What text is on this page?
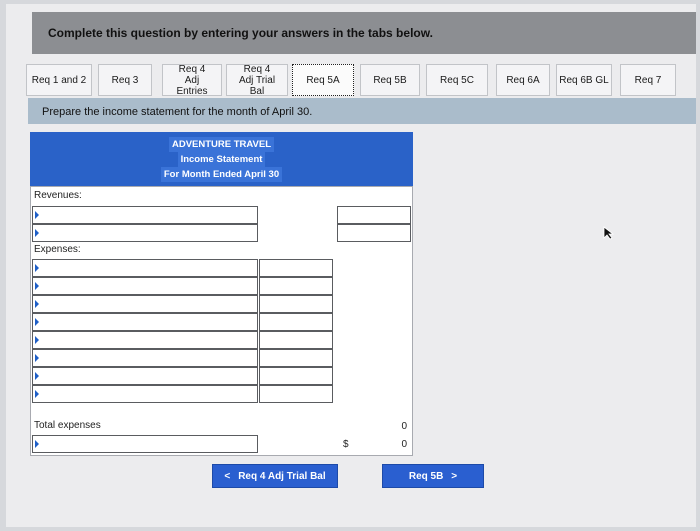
Complete this question by entering your answers in the tabs below.
Req 1 and 2	Req 3
Req 4 Adj Entries
Req 4 Adj Trial Bal
Req 5A	Req 5B	Req 5C	Req 6A	Req 6B GL	Req 7
Prepare the income statement for the month of April 30.
ADVENTURE TRAVEL
Income Statement
For Month Ended April 30
Revenues:
Expenses:
Total expenses	0
$	0
< Req 4 Adj Trial Bal	Req 5B >
